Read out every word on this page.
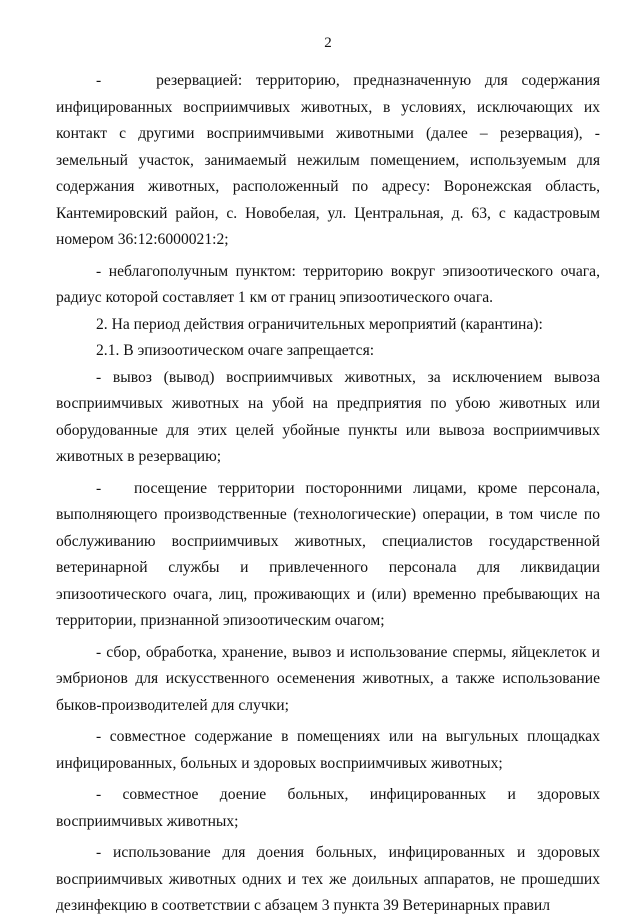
2

-    резервацией: территорию, предназначенную для содержания инфицированных восприимчивых животных, в условиях, исключающих их контакт с другими восприимчивыми животными (далее – резервация), - земельный участок, занимаемый нежилым помещением, используемым для содержания животных, расположенный по адресу: Воронежская область, Кантемировский район, с. Новобелая, ул. Центральная, д. 63, с кадастровым номером 36:12:6000021:2;

- неблагополучным пунктом: территорию вокруг эпизоотического очага, радиус которой составляет 1 км от границ эпизоотического очага.

2. На период действия ограничительных мероприятий (карантина):

2.1. В эпизоотическом очаге запрещается:

- вывоз (вывод) восприимчивых животных, за исключением вывоза восприимчивых животных на убой на предприятия по убою животных или оборудованные для этих целей убойные пункты или вывоза восприимчивых животных в резервацию;

-   посещение территории посторонними лицами, кроме персонала, выполняющего производственные (технологические) операции, в том числе по обслуживанию восприимчивых животных, специалистов государственной ветеринарной службы и привлеченного персонала для ликвидации эпизоотического очага, лиц, проживающих и (или) временно пребывающих на территории, признанной эпизоотическим очагом;

- сбор, обработка, хранение, вывоз и использование спермы, яйцеклеток и эмбрионов для искусственного осеменения животных, а также использование быков-производителей для случки;

- совместное содержание в помещениях или на выгульных площадках инфицированных, больных и здоровых восприимчивых животных;

- совместное доение больных, инфицированных и здоровых восприимчивых животных;

- использование для доения больных, инфицированных и здоровых восприимчивых животных одних и тех же доильных аппаратов, не прошедших дезинфекцию в соответствии с абзацем 3 пункта 39 Ветеринарных правил
